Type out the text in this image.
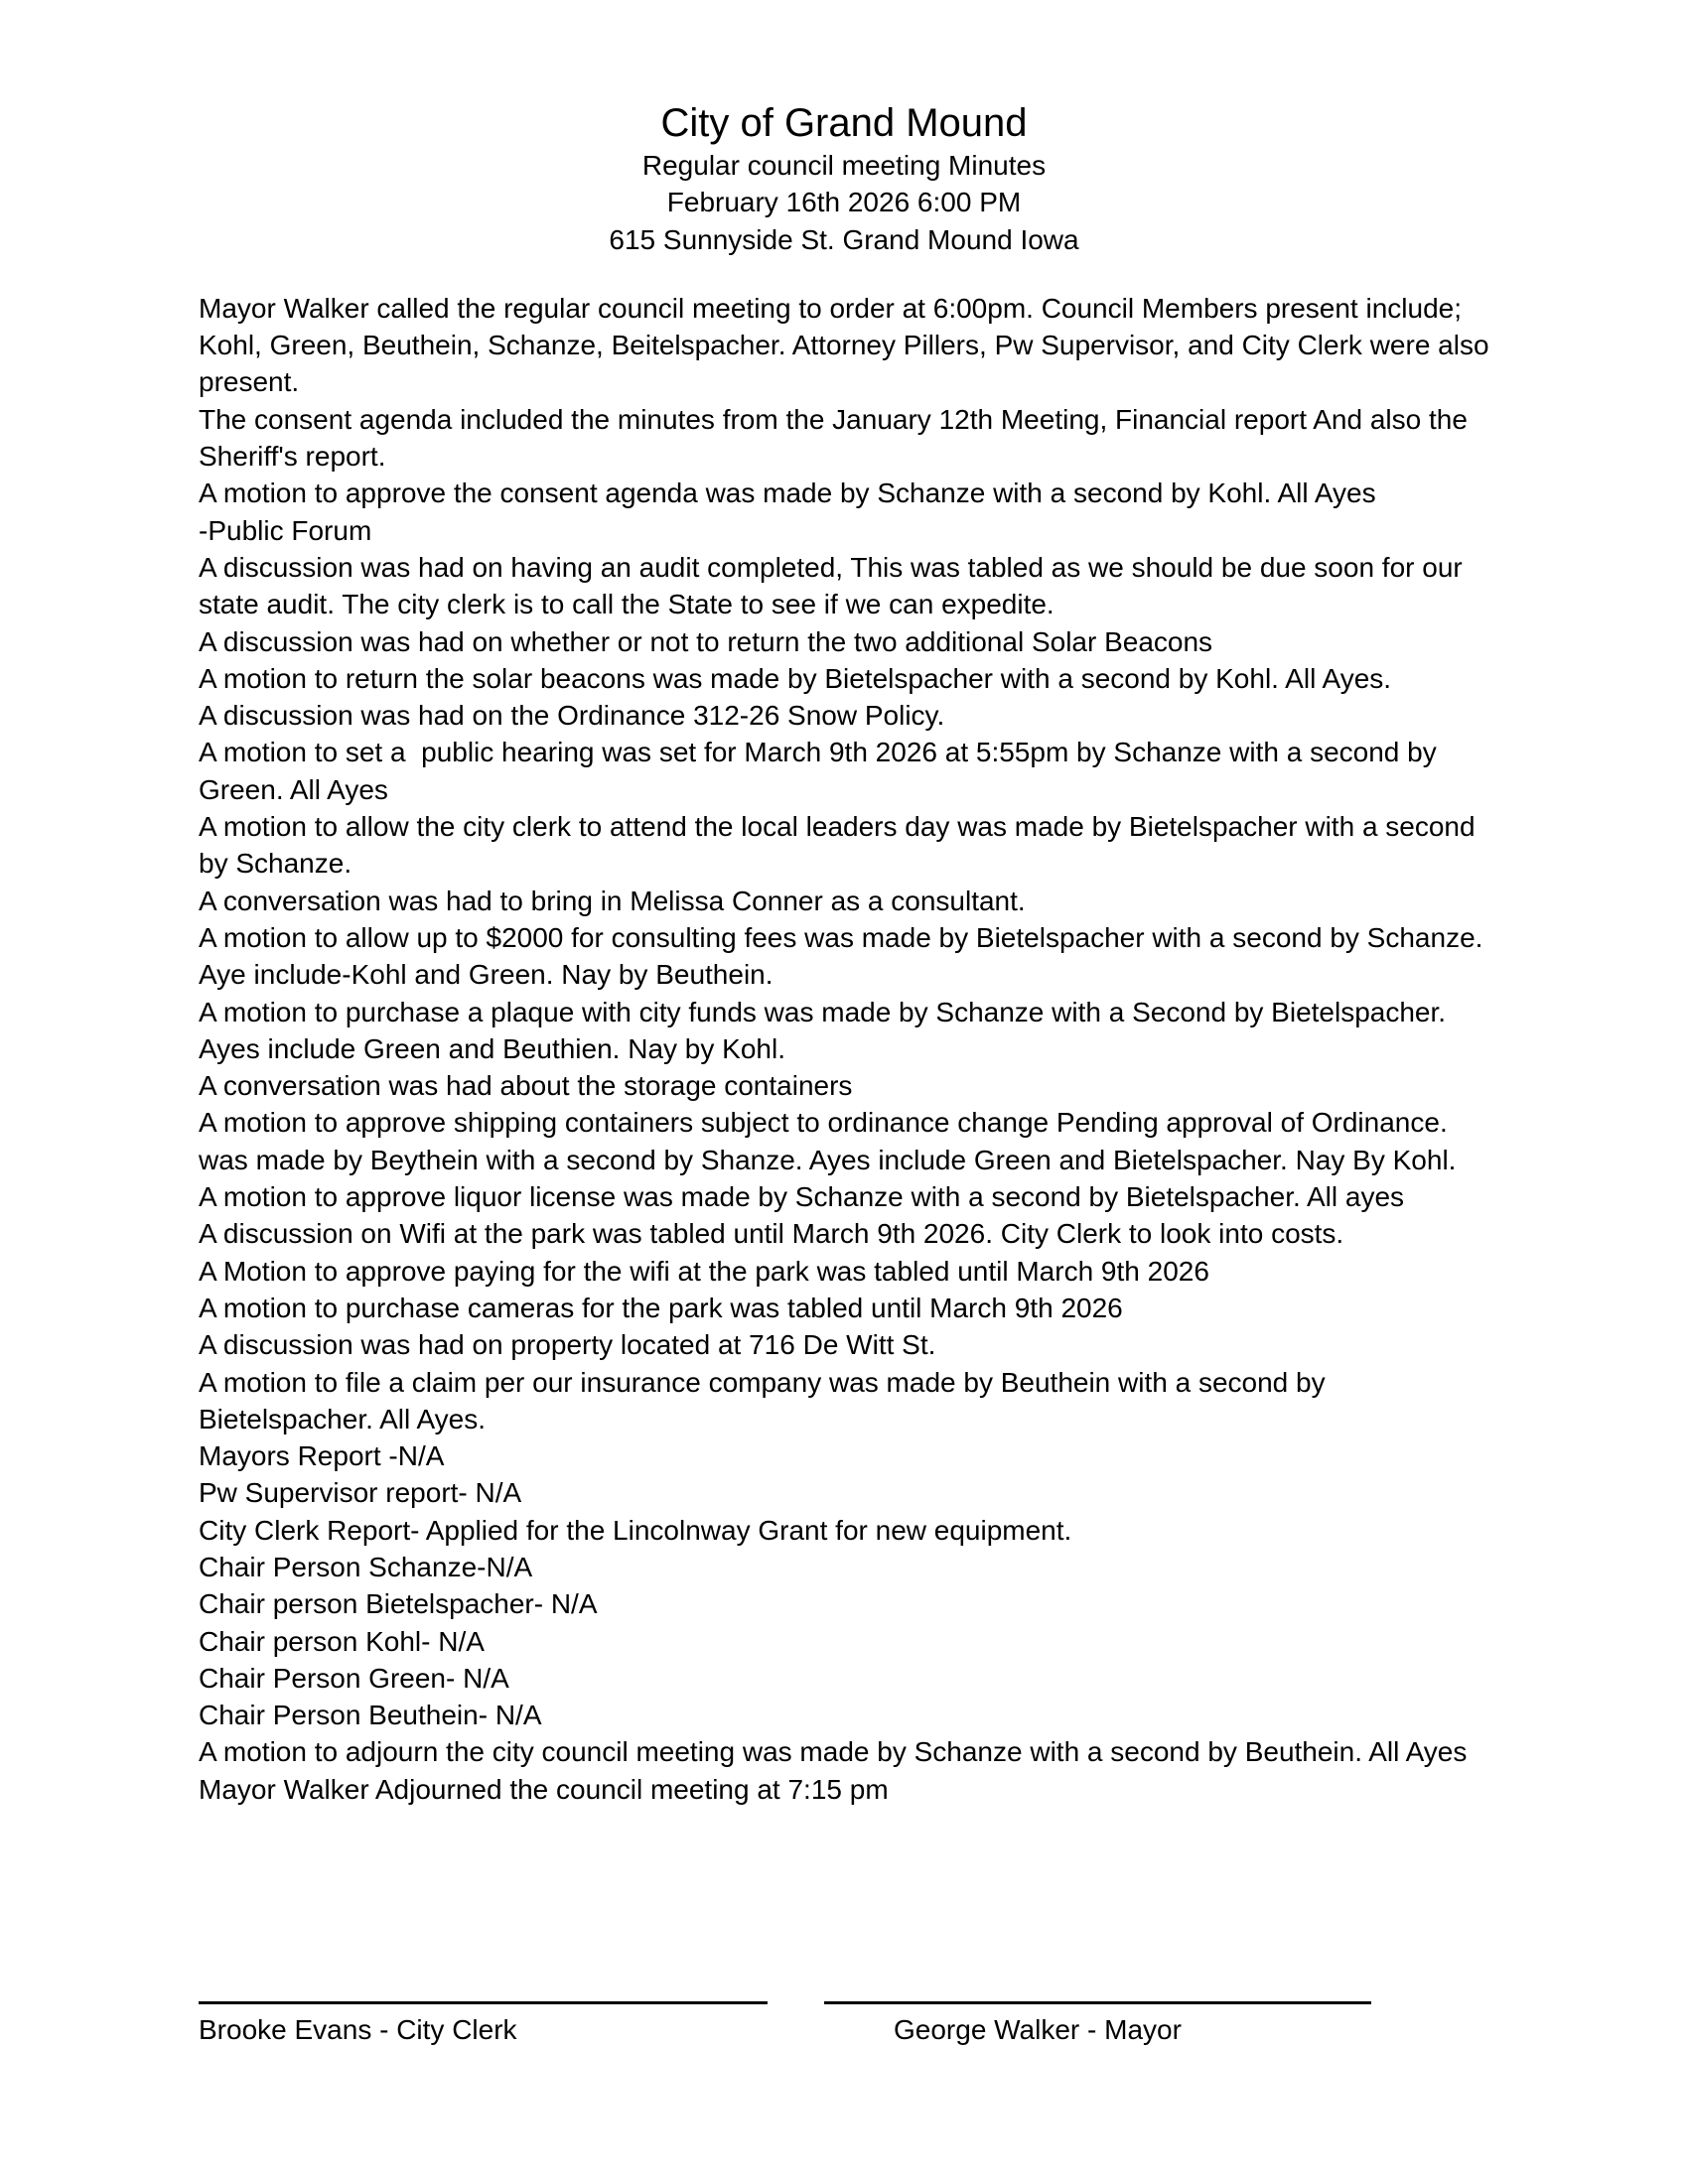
City of Grand Mound
Regular council meeting Minutes
February 16th 2026 6:00 PM
615 Sunnyside St. Grand Mound Iowa
Mayor Walker called the regular council meeting to order at 6:00pm. Council Members present include;
Kohl, Green, Beuthein, Schanze, Beitelspacher. Attorney Pillers, Pw Supervisor, and City Clerk were also
present.
The consent agenda included the minutes from the January 12th Meeting, Financial report And also the
Sheriff's report.
A motion to approve the consent agenda was made by Schanze with a second by Kohl. All Ayes
-Public Forum
A discussion was had on having an audit completed, This was tabled as we should be due soon for our
state audit. The city clerk is to call the State to see if we can expedite.
A discussion was had on whether or not to return the two additional Solar Beacons
A motion to return the solar beacons was made by Bietelspacher with a second by Kohl. All Ayes.
A discussion was had on the Ordinance 312-26 Snow Policy.
A motion to set a  public hearing was set for March 9th 2026 at 5:55pm by Schanze with a second by
Green. All Ayes
A motion to allow the city clerk to attend the local leaders day was made by Bietelspacher with a second
by Schanze.
A conversation was had to bring in Melissa Conner as a consultant.
A motion to allow up to $2000 for consulting fees was made by Bietelspacher with a second by Schanze.
Aye include-Kohl and Green. Nay by Beuthein.
A motion to purchase a plaque with city funds was made by Schanze with a Second by Bietelspacher.
Ayes include Green and Beuthien. Nay by Kohl.
A conversation was had about the storage containers
A motion to approve shipping containers subject to ordinance change Pending approval of Ordinance.
was made by Beythein with a second by Shanze. Ayes include Green and Bietelspacher. Nay By Kohl.
A motion to approve liquor license was made by Schanze with a second by Bietelspacher. All ayes
A discussion on Wifi at the park was tabled until March 9th 2026. City Clerk to look into costs.
A Motion to approve paying for the wifi at the park was tabled until March 9th 2026
A motion to purchase cameras for the park was tabled until March 9th 2026
A discussion was had on property located at 716 De Witt St.
A motion to file a claim per our insurance company was made by Beuthein with a second by
Bietelspacher. All Ayes.
Mayors Report -N/A
Pw Supervisor report- N/A
City Clerk Report- Applied for the Lincolnway Grant for new equipment.
Chair Person Schanze-N/A
Chair person Bietelspacher- N/A
Chair person Kohl- N/A
Chair Person Green- N/A
Chair Person Beuthein- N/A
A motion to adjourn the city council meeting was made by Schanze with a second by Beuthein. All Ayes
Mayor Walker Adjourned the council meeting at 7:15 pm
Brooke Evans - City Clerk	George Walker - Mayor
